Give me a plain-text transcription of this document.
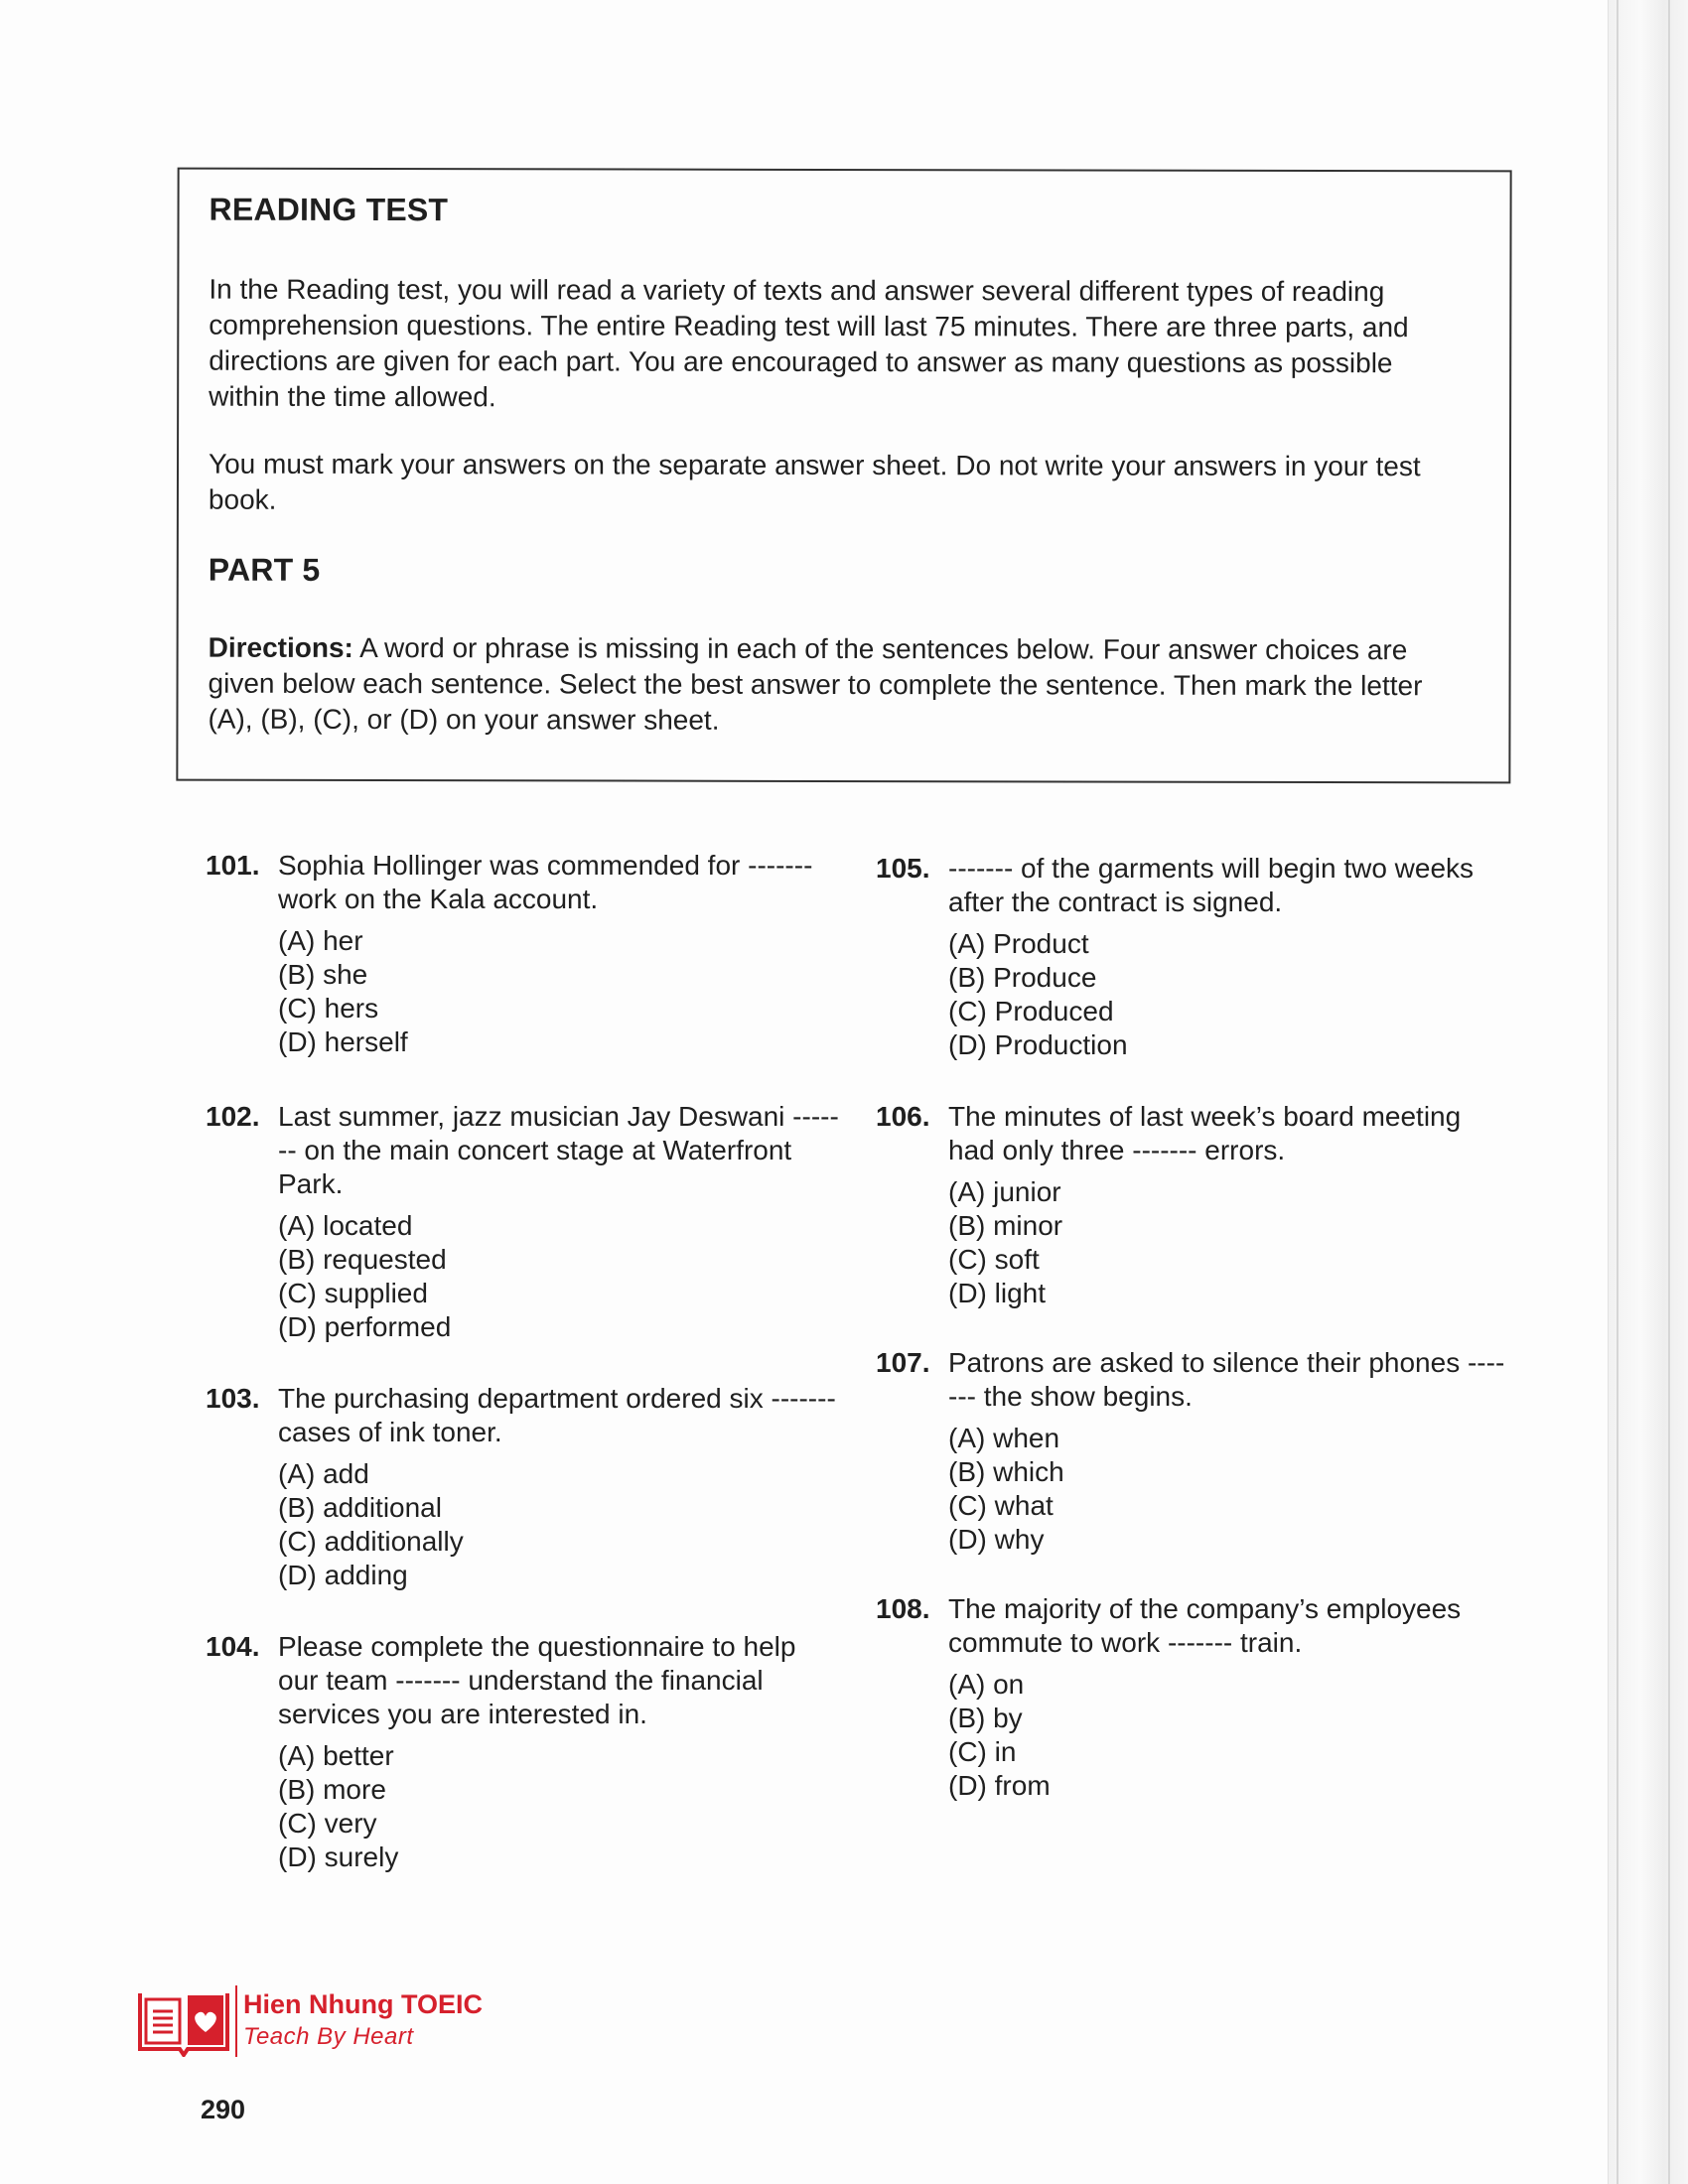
READING TEST

In the Reading test, you will read a variety of texts and answer several different types of reading comprehension questions. The entire Reading test will last 75 minutes. There are three parts, and directions are given for each part. You are encouraged to answer as many questions as possible within the time allowed.

You must mark your answers on the separate answer sheet. Do not write your answers in your test book.

PART 5

Directions: A word or phrase is missing in each of the sentences below. Four answer choices are given below each sentence. Select the best answer to complete the sentence. Then mark the letter (A), (B), (C), or (D) on your answer sheet.

101. Sophia Hollinger was commended for ------- work on the Kala account.
(A) her
(B) she
(C) hers
(D) herself
102. Last summer, jazz musician Jay Deswani ------- on the main concert stage at Waterfront Park.
(A) located
(B) requested
(C) supplied
(D) performed
103. The purchasing department ordered six ------- cases of ink toner.
(A) add
(B) additional
(C) additionally
(D) adding
104. Please complete the questionnaire to help our team ------- understand the financial services you are interested in.
(A) better
(B) more
(C) very
(D) surely
105. ------- of the garments will begin two weeks after the contract is signed.
(A) Product
(B) Produce
(C) Produced
(D) Production
106. The minutes of last week’s board meeting had only three ------- errors.
(A) junior
(B) minor
(C) soft
(D) light
107. Patrons are asked to silence their phones ------- the show begins.
(A) when
(B) which
(C) what
(D) why
108. The majority of the company’s employees commute to work ------- train.
(A) on
(B) by
(C) in
(D) from
Hien Nhung TOEIC
Teach By Heart
290
